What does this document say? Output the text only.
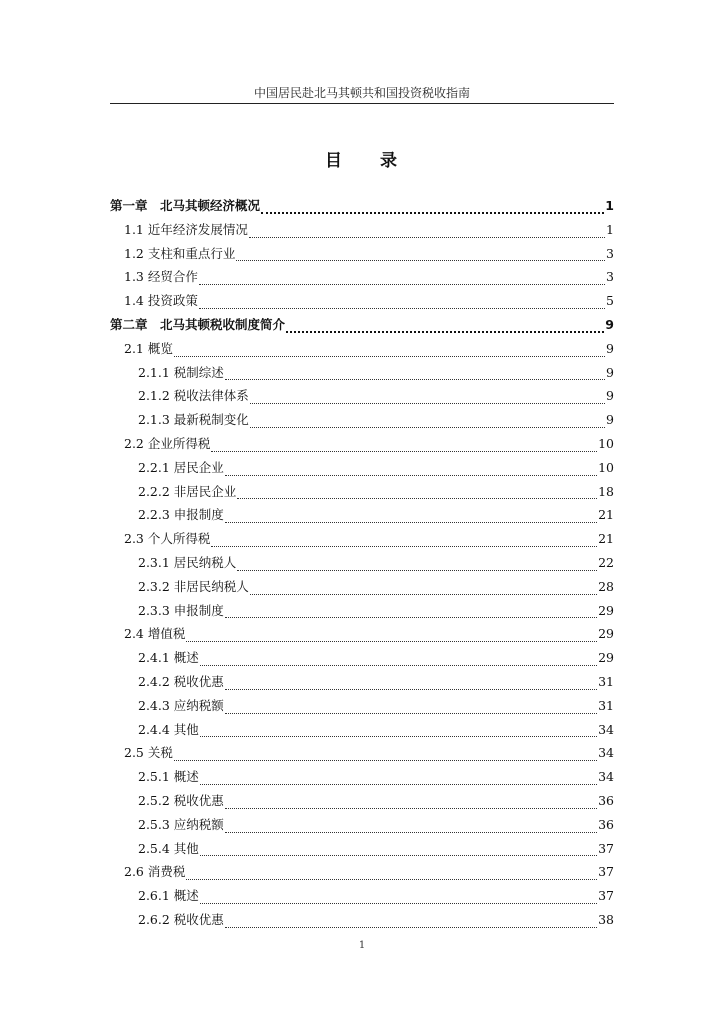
中国居民赴北马其顿共和国投资税收指南
目 录
第一章　北马其顿经济概况	1
1.1 近年经济发展情况	1
1.2 支柱和重点行业	3
1.3 经贸合作	3
1.4 投资政策	5
第二章　北马其顿税收制度简介	9
2.1 概览	9
2.1.1 税制综述	9
2.1.2 税收法律体系	9
2.1.3 最新税制变化	9
2.2 企业所得税	10
2.2.1 居民企业	10
2.2.2 非居民企业	18
2.2.3 申报制度	21
2.3 个人所得税	21
2.3.1 居民纳税人	22
2.3.2 非居民纳税人	28
2.3.3 申报制度	29
2.4 增值税	29
2.4.1 概述	29
2.4.2 税收优惠	31
2.4.3 应纳税额	31
2.4.4 其他	34
2.5 关税	34
2.5.1 概述	34
2.5.2 税收优惠	36
2.5.3 应纳税额	36
2.5.4 其他	37
2.6 消费税	37
2.6.1 概述	37
2.6.2 税收优惠	38
1
